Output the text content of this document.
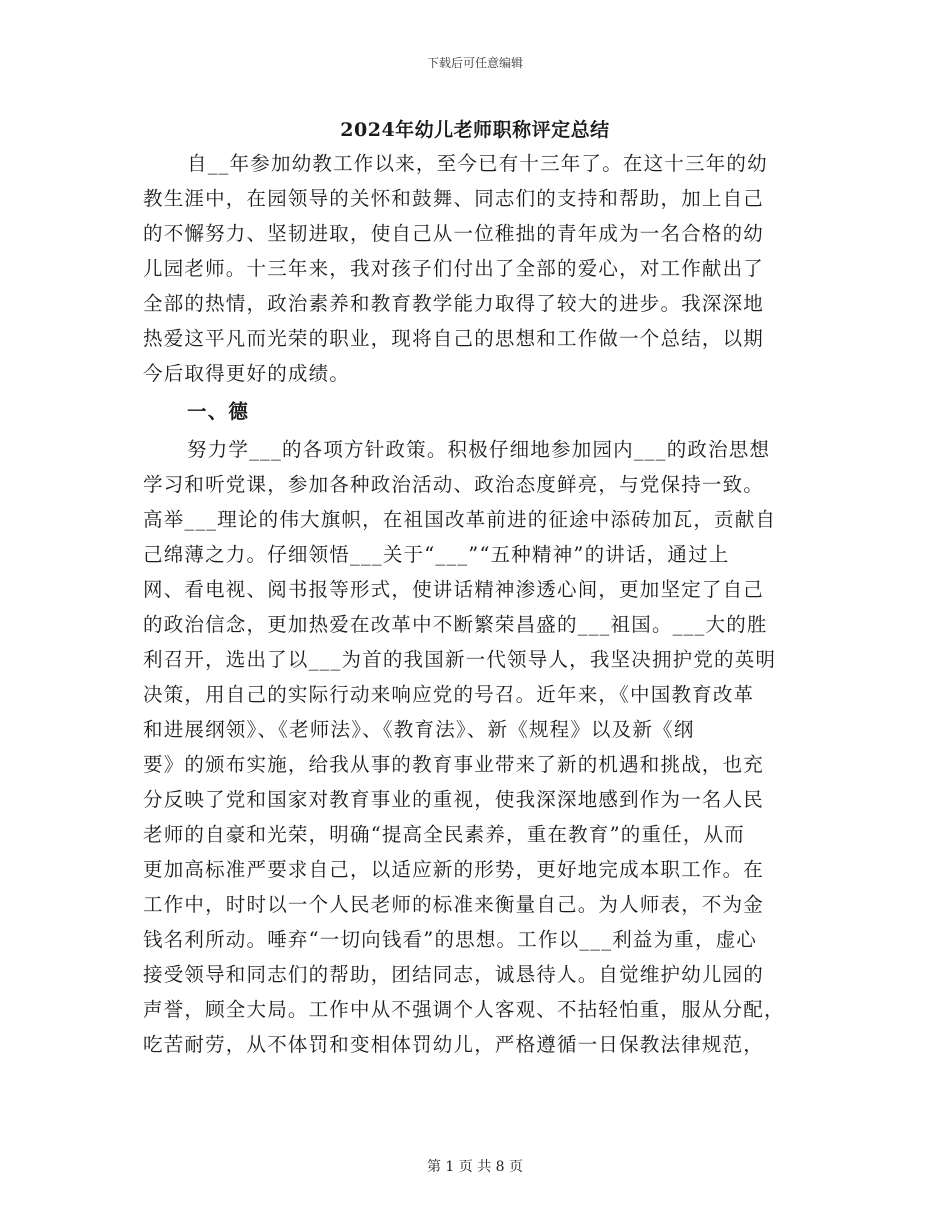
下载后可任意编辑
2024年幼儿老师职称评定总结
自__年参加幼教工作以来，至今已有十三年了。在这十三年的幼
教生涯中，在园领导的关怀和鼓舞、同志们的支持和帮助，加上自己
的不懈努力、坚韧进取，使自己从一位稚拙的青年成为一名合格的幼
儿园老师。十三年来，我对孩子们付出了全部的爱心，对工作献出了
全部的热情，政治素养和教育教学能力取得了较大的进步。我深深地
热爱这平凡而光荣的职业，现将自己的思想和工作做一个总结，以期
今后取得更好的成绩。
一、德
努力学___的各项方针政策。积极仔细地参加园内___的政治思想
学习和听党课，参加各种政治活动、政治态度鲜亮，与党保持一致。
高举___理论的伟大旗帜，在祖国改革前进的征途中添砖加瓦，贡献自
己绵薄之力。仔细领悟___关于“___”“五种精神”的讲话，通过上
网、看电视、阅书报等形式，使讲话精神渗透心间，更加坚定了自己
的政治信念，更加热爱在改革中不断繁荣昌盛的___祖国。___大的胜
利召开，选出了以___为首的我国新一代领导人，我坚决拥护党的英明
决策，用自己的实际行动来响应党的号召。近年来，《中国教育改革
和进展纲领》、《老师法》、《教育法》、新《规程》以及新《纲
要》的颁布实施，给我从事的教育事业带来了新的机遇和挑战，也充
分反映了党和国家对教育事业的重视，使我深深地感到作为一名人民
老师的自豪和光荣，明确“提高全民素养，重在教育”的重任，从而
更加高标准严要求自己，以适应新的形势，更好地完成本职工作。在
工作中，时时以一个人民老师的标准来衡量自己。为人师表，不为金
钱名利所动。唾弃“一切向钱看”的思想。工作以___利益为重，虚心
接受领导和同志们的帮助，团结同志，诚恳待人。自觉维护幼儿园的
声誉，顾全大局。工作中从不强调个人客观、不拈轻怕重，服从分配，
吃苦耐劳，从不体罚和变相体罚幼儿，严格遵循一日保教法律规范，
第 1 页 共 8 页
